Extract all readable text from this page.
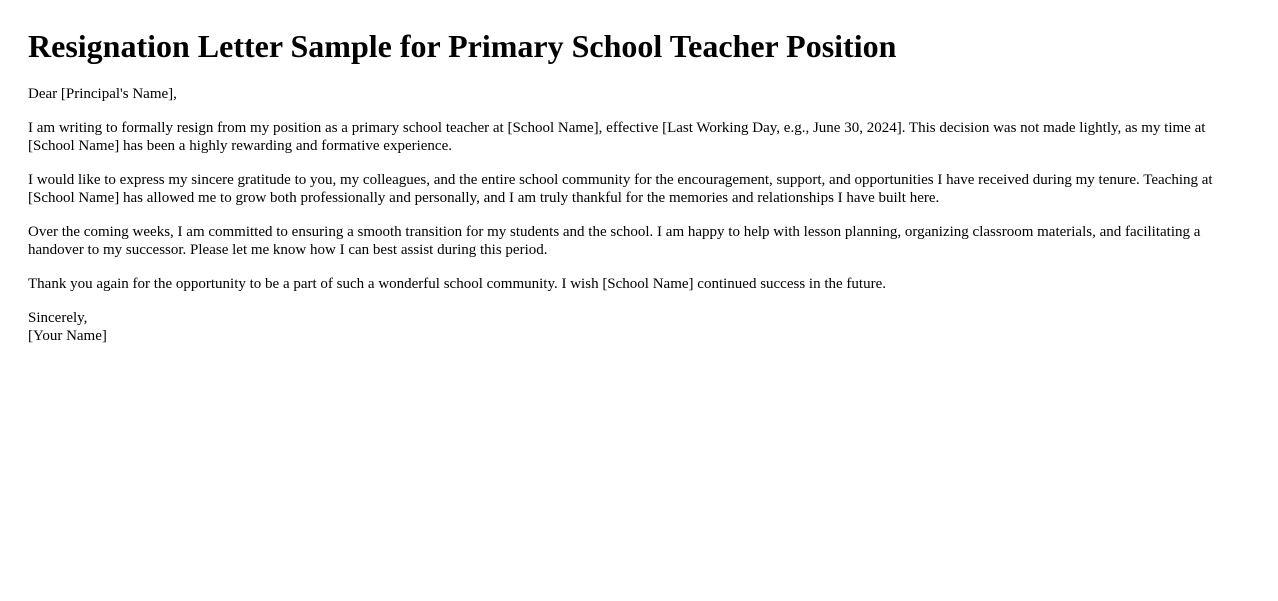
Resignation Letter Sample for Primary School Teacher Position

Dear [Principal's Name],

I am writing to formally resign from my position as a primary school teacher at [School Name], effective [Last Working Day, e.g., June 30, 2024]. This decision was not made lightly, as my time at [School Name] has been a highly rewarding and formative experience.

I would like to express my sincere gratitude to you, my colleagues, and the entire school community for the encouragement, support, and opportunities I have received during my tenure. Teaching at [School Name] has allowed me to grow both professionally and personally, and I am truly thankful for the memories and relationships I have built here.

Over the coming weeks, I am committed to ensuring a smooth transition for my students and the school. I am happy to help with lesson planning, organizing classroom materials, and facilitating a handover to my successor. Please let me know how I can best assist during this period.

Thank you again for the opportunity to be a part of such a wonderful school community. I wish [School Name] continued success in the future.

Sincerely,
[Your Name]
